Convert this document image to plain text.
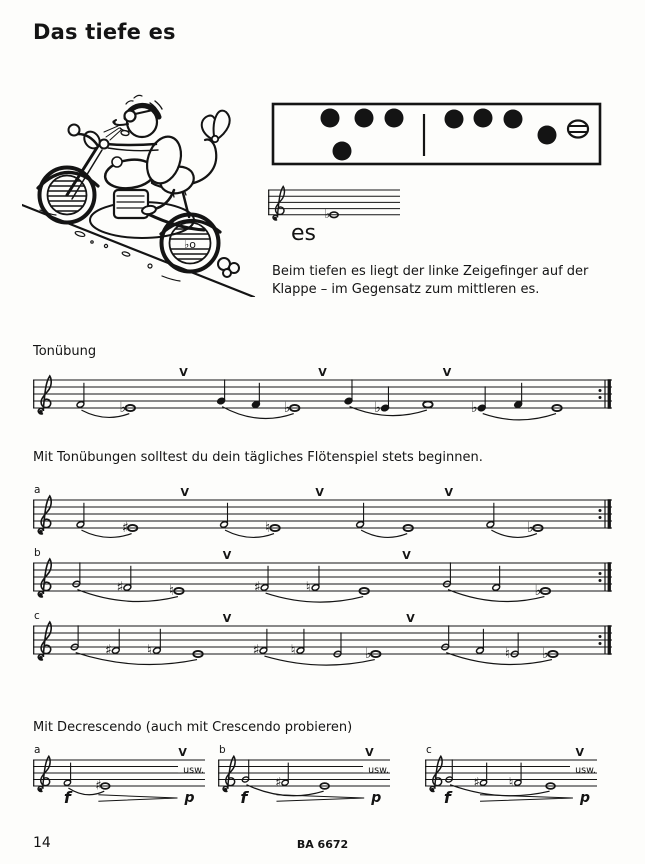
Das tiefe es
♭o	es
Beim tiefen es liegt der linke Zeigefinger auf der Klappe – im Gegensatz zum mittleren es.
Tonübung
Mit Tonübungen solltest du dein tägliches Flötenspiel stets beginnen.
Mit Decrescendo (auch mit Crescendo probieren)
14	BA 6672
♭
♭	♭	♭	♭
V	V	V
a
♯	♮	♭
V	V	V
b
♯	♮	♯	♮	♭
V	V
c
♯	♮	♯ ♮	♭	♮ ♭
V	V
a
♯
V
usw.
f	p
b
♯
V
usw.
f	p
c
♯ ♮
V
usw.
f	p
